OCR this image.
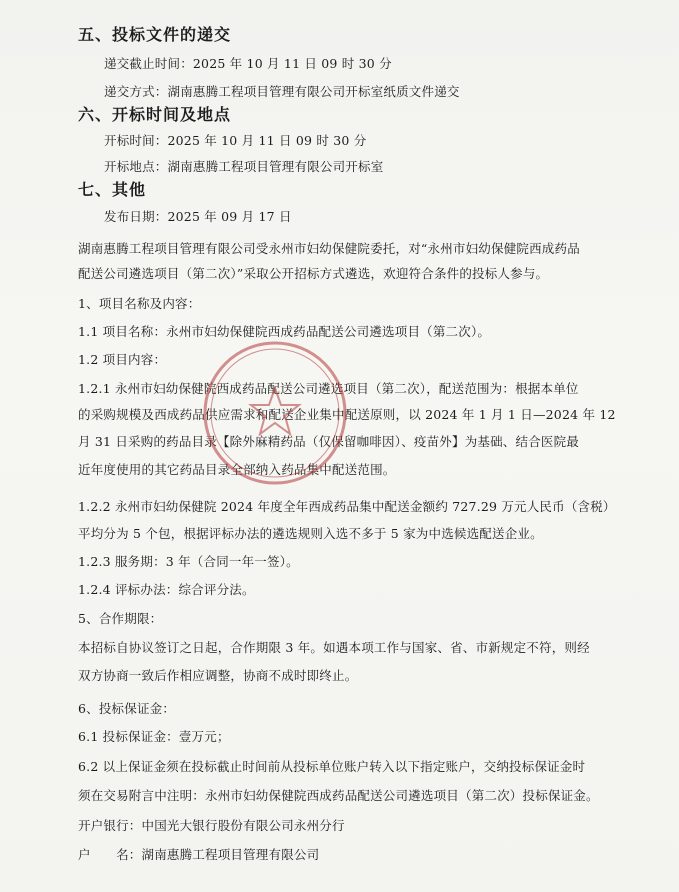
五、投标文件的递交
递交截止时间：2025 年 10 月 11 日 09 时 30 分
递交方式：湖南惠腾工程项目管理有限公司开标室纸质文件递交
六、开标时间及地点
开标时间：2025 年 10 月 11 日 09 时 30 分
开标地点：湖南惠腾工程项目管理有限公司开标室
七、其他
发布日期：2025 年 09 月 17 日
湖南惠腾工程项目管理有限公司受永州市妇幼保健院委托，对“永州市妇幼保健院西成药品
配送公司遴选项目（第二次）”采取公开招标方式遴选，欢迎符合条件的投标人参与。
1、项目名称及内容：
1.1 项目名称：永州市妇幼保健院西成药品配送公司遴选项目（第二次）。
1.2 项目内容：
1.2.1 永州市妇幼保健院西成药品配送公司遴选项目（第二次），配送范围为：根据本单位
的采购规模及西成药品供应需求和配送企业集中配送原则，以 2024 年 1 月 1 日—2024 年 12
月 31 日采购的药品目录【除外麻精药品（仅保留咖啡因）、疫苗外】为基础、结合医院最
近年度使用的其它药品目录全部纳入药品集中配送范围。
1.2.2 永州市妇幼保健院 2024 年度全年西成药品集中配送金额约 727.29 万元人民币（含税）
平均分为 5 个包，根据评标办法的遴选规则入选不多于 5 家为中选候选配送企业。
1.2.3 服务期：3 年（合同一年一签）。
1.2.4 评标办法：综合评分法。
5、合作期限：
本招标自协议签订之日起，合作期限 3 年。如遇本项工作与国家、省、市新规定不符，则经
双方协商一致后作相应调整，协商不成时即终止。
6、投标保证金：
6.1 投标保证金：壹万元；
6.2 以上保证金须在投标截止时间前从投标单位账户转入以下指定账户，交纳投标保证金时
须在交易附言中注明：永州市妇幼保健院西成药品配送公司遴选项目（第二次）投标保证金。
开户银行：中国光大银行股份有限公司永州分行
户　　名：湖南惠腾工程项目管理有限公司
